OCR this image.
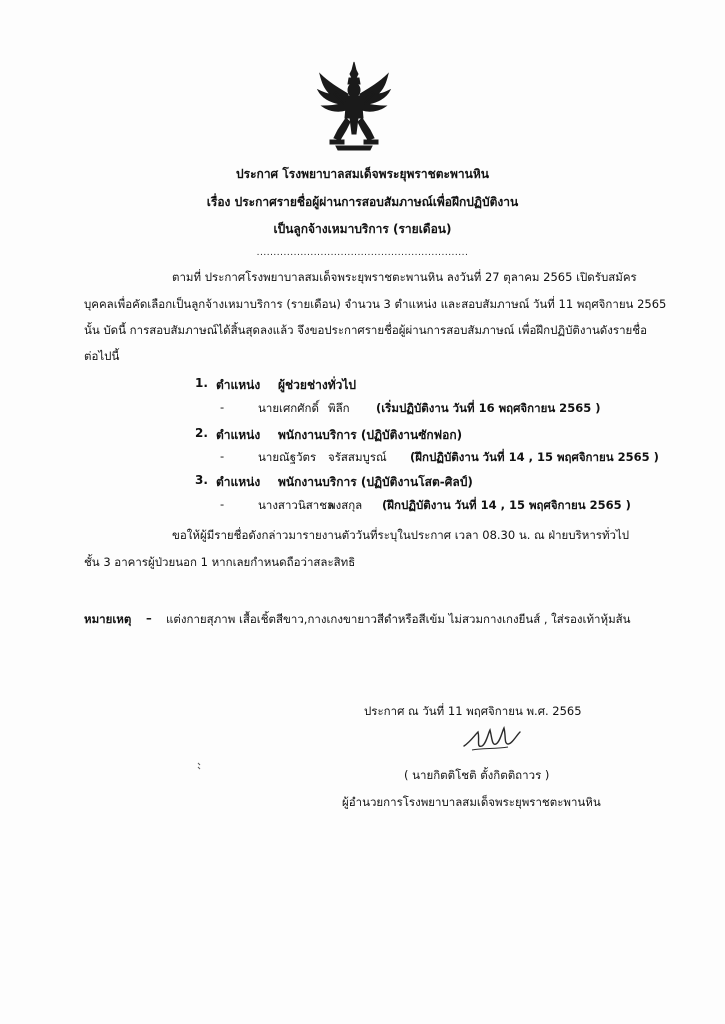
ประกาศ โรงพยาบาลสมเด็จพระยุพราชตะพานหิน
เรื่อง ประกาศรายชื่อผู้ผ่านการสอบสัมภาษณ์เพื่อฝึกปฏิบัติงาน
เป็นลูกจ้างเหมาบริการ (รายเดือน)
...............................................................
ตามที่ ประกาศโรงพยาบาลสมเด็จพระยุพราชตะพานหิน ลงวันที่ 27 ตุลาคม 2565 เปิดรับสมัคร
บุคคลเพื่อคัดเลือกเป็นลูกจ้างเหมาบริการ (รายเดือน) จำนวน 3 ตำแหน่ง และสอบสัมภาษณ์ วันที่ 11 พฤศจิกายน 2565
นั้น บัดนี้ การสอบสัมภาษณ์ได้สิ้นสุดลงแล้ว จึงขอประกาศรายชื่อผู้ผ่านการสอบสัมภาษณ์ เพื่อฝึกปฏิบัติงานดังรายชื่อ
ต่อไปนี้
1. ตำแหน่ง ผู้ช่วยช่างทั่วไป
-	นายเศกศักดิ์ พิลึก (เริ่มปฏิบัติงาน วันที่ 16 พฤศจิกายน 2565 )
2. ตำแหน่ง พนักงานบริการ (ปฏิบัติงานซักฟอก)
-	นายณัฐวัตร จรัสสมบูรณ์ (ฝึกปฏิบัติงาน วันที่ 14 , 15 พฤศจิกายน 2565 )
3. ตำแหน่ง พนักงานบริการ (ปฏิบัติงานโสต-ศิลป์)
-	นางสาวนิสาชล
พงสกุล (ฝึกปฏิบัติงาน วันที่ 14 , 15 พฤศจิกายน 2565 )
ขอให้ผู้มีรายชื่อดังกล่าวมารายงานตัววันที่ระบุในประกาศ เวลา 08.30 น. ณ ฝ่ายบริหารทั่วไป
ชั้น 3 อาคารผู้ป่วยนอก 1 หากเลยกำหนดถือว่าสละสิทธิ
หมายเหตุ – แต่งกายสุภาพ เสื้อเชิ้ตสีขาว,กางเกงขายาวสีดำหรือสีเข้ม ไม่สวมกางเกงยีนส์ , ใส่รองเท้าหุ้มส้น
ประกาศ ณ วันที่ 11 พฤศจิกายน พ.ศ. 2565
( นายกิตติโชติ ตั้งกิตติถาวร )
ผู้อำนวยการโรงพยาบาลสมเด็จพระยุพราชตะพานหิน
